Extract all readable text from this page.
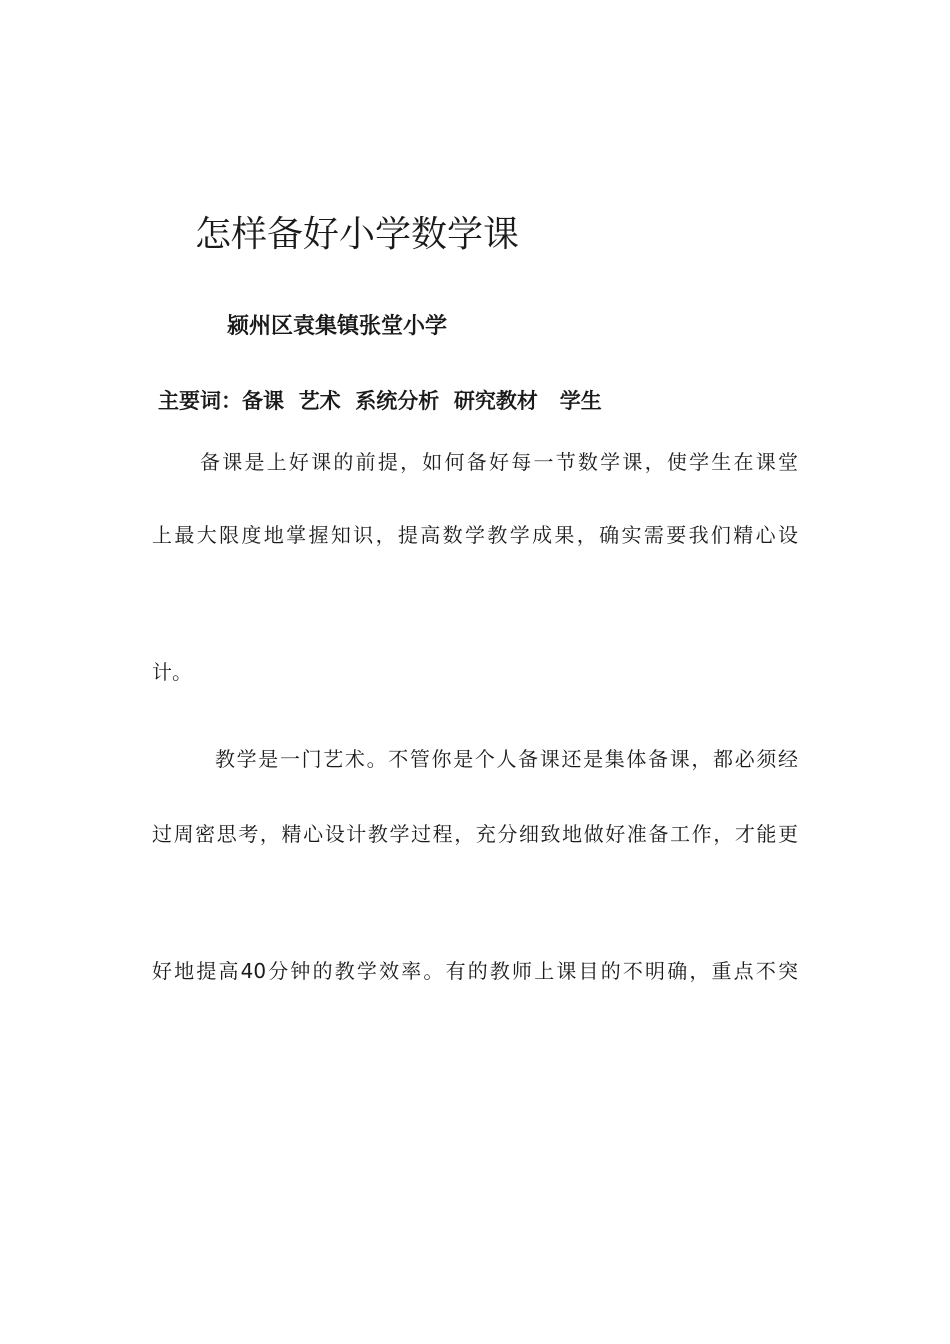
怎样备好小学数学课
颍州区袁集镇张堂小学
主要词：备课  艺术  系统分析  研究教材   学生
备课是上好课的前提，如何备好每一节数学课，使学生在课堂
上最大限度地掌握知识，提高数学教学成果，确实需要我们精心设
计。
教学是一门艺术。不管你是个人备课还是集体备课，都必须经
过周密思考，精心设计教学过程，充分细致地做好准备工作，才能更
好地提高40分钟的教学效率。有的教师上课目的不明确，重点不突
